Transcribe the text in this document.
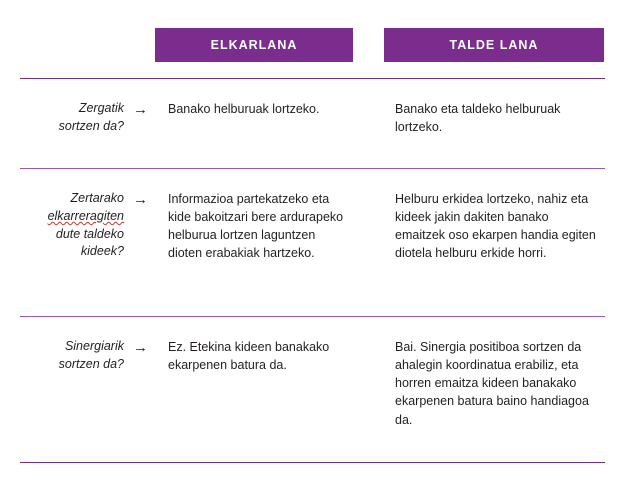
ELKARLANA	TALDE LANA
Zergatik
sortzen da?
→ Banako helburuak lortzeko.	Banako eta taldeko helburuak lortzeko.
Zertarako
elkarreragiten
dute taldeko
kideek?
→ Informazioa partekatzeko eta kide bakoitzari bere ardurapeko helburua lortzen laguntzen dioten erabakiak hartzeko.
Helburu erkidea lortzeko, nahiz eta kideek jakin dakiten banako emaitzek oso ekarpen handia egiten diotela helburu erkide horri.
Sinergiarik
sortzen da?
→ Ez. Etekina kideen banakako ekarpenen batura da.
Bai. Sinergia positiboa sortzen da ahalegin koordinatua erabiliz, eta horren emaitza kideen banakako ekarpenen batura baino handiagoa da.
